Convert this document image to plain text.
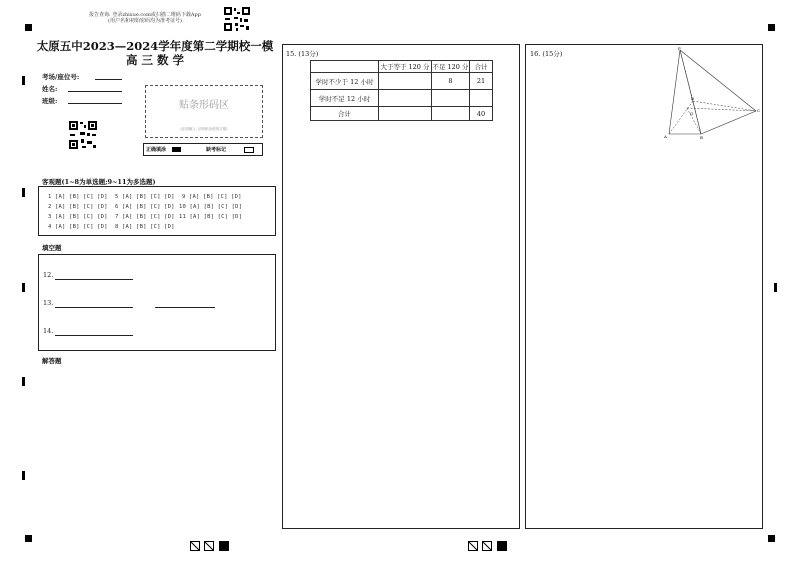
报告查询: 登录zhixue.com或扫描二维码下载App
(用户名和初始密码均为准考证号)
太原五中2023—2024学年度第二学期校一模
高 三 数 学
考场/座位号:
姓名:
班级:	贴条形码区
(正面朝上, 切勿贴出虚线方框)
正确填涂	缺考标记
客观题(1~8为单选题;9~11为多选题)
1 [A] [B] [C] [D] 5 [A] [B] [C] [D] 9 [A] [B] [C] [D]
2 [A] [B] [C] [D] 6 [A] [B] [C] [D] 10 [A] [B] [C] [D]
3 [A] [B] [C] [D] 7 [A] [B] [C] [D] 11 [A] [B] [C] [D]
4 [A] [B] [C] [D] 8 [A] [B] [C] [D]
填空题
12.
13.
14.
解答题
15. (13分)
	大于等于 120 分	不足 120 分	合计
学时不少于 12 小时		8	21
学时不足 12 小时			
合计			40
16. (15分)
P
A	B
C
D
G
